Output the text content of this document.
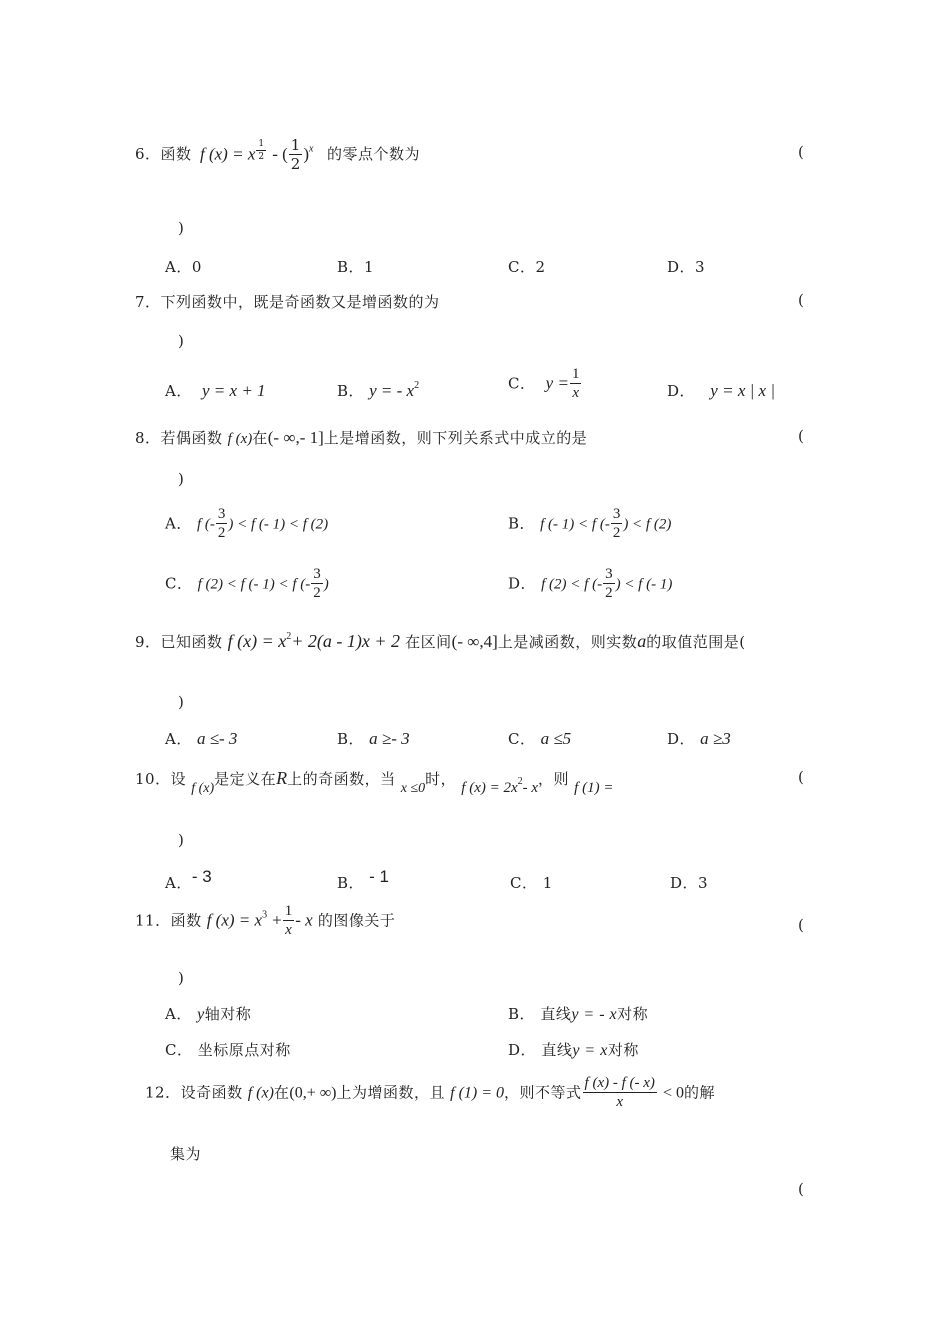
6．函数 f (x) = x $\frac{1}{2}$ - ( $\frac{1}{2} )^x$ 的零点个数为	(
)
A．0	B．1	C．2	D．3
7．下列函数中，既是奇函数又是增函数的为	(
)
A． y = x + 1	B． y = - $x^2$	C． $y = \frac{1}{x}$	D． y = x | x |
8．若偶函数 f (x)在(- ∞,- 1]上是增函数，则下列关系式中成立的是	(
)
A． f (- $\frac{3}{2}$ ) < f (- 1) < f (2)	B． f (- 1) < f (- $\frac{3}{2}$ ) < f (2)
C． f (2) < f (- 1) < f (- $\frac{3}{2}$ )	D． f (2) < f (- $\frac{3}{2}$ ) < f (- 1)
9．已知函数 f $(x) = x^2+ 2(a - 1)x + 2$ 在区间(- ∞,4]上是减函数，则实数a的取值范围是(
)
A． a ≤- 3	B． a ≥- 3	C． a ≤5	D． a ≥3
10．设 f (x)是定义在R上的奇函数，当 x ≤0时， f $(x) = 2x^2-$ x，则 f (1) =
(
)
A．- 3	B． - 1	C． 1	D．3
11．函数 f $(x) = x^3 + \frac{1}{x} - x$ 的图像关于	(
)
A． y轴对称	B． 直线y = - x对称
C． 坐标原点对称	D． 直线y = x对称
12．设奇函数 f (x)在(0,+ ∞)上为增函数，且 f (1) = 0，则不等式 $\frac{f (x) - f (- x)}{x} < 0$的解
集为
(
